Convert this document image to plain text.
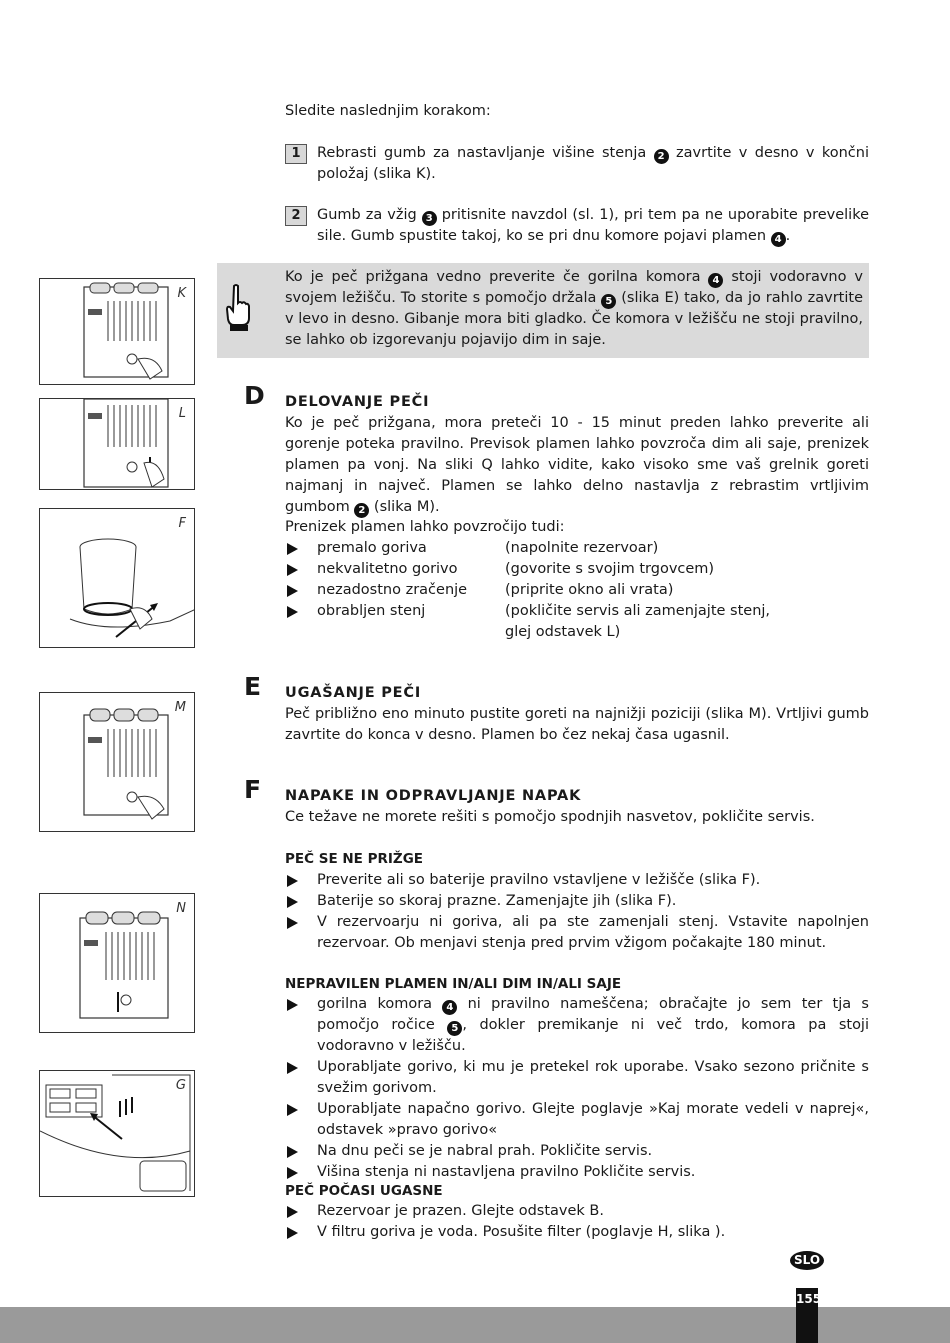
Sledite naslednjim korakom:
1	Rebrasti gumb za nastavljanje višine stenja 2 zavrtite v desno v končni položaj (slika K).
2	Gumb za vžig 3 pritisnite navzdol (sl. 1), pri tem pa ne uporabite prevelike sile. Gumb spustite takoj, ko se pri dnu komore pojavi plamen 4 .
Ko je peč prižgana vedno preverite če gorilna komora 4 stoji vodoravno v svojem ležišču. To storite s pomočjo držala 5 (slika E) tako, da jo rahlo zavrtite v levo in desno. Gibanje mora biti gladko. Če komora v ležišču ne stoji pravilno, se lahko ob izgorevanju pojavijo dim in saje.
D DELOVANJE PEČI
Ko je peč prižgana, mora preteči 10 - 15 minut preden lahko preverite ali gorenje poteka pravilno. Previsok plamen lahko povzroča dim ali saje, prenizek plamen pa vonj. Na sliki Q lahko vidite, kako visoko sme vaš grelnik goreti najmanj in največ. Plamen se lahko delno nastavlja z rebrastim vrtljivim gumbom 2 (slika M).
Prenizek plamen lahko povzročijo tudi:
premalo goriva	(napolnite rezervoar)
nekvalitetno gorivo	(govorite s svojim trgovcem)
nezadostno zračenje	(pripritе okno ali vrata)
obrabljen stenj	(pokličite servis ali zamenjajte stenj, glej odstavek L)
E UGAŠANJE PEČI
Peč približno eno minuto pustite goreti na najnižji poziciji (slika M). Vrtljivi gumb zavrtite do konca v desno. Plamen bo čez nekaj časa ugasnil.
F NAPAKE IN ODPRAVLJANJE NAPAK
Ce težave ne morete rešiti s pomočjo spodnjih nasvetov, pokličite servis.
PEČ SE NE PRIŽGE
Preverite ali so baterije pravilno vstavljene v ležišče (slika F).
Baterije so skoraj prazne. Zamenjajte jih (slika F).
V rezervoarju ni goriva, ali pa ste zamenjali stenj. Vstavite napolnjen rezervoar. Ob menjavi stenja pred prvim vžigom počakajte 180 minut.
NEPRAVILEN PLAMEN IN/ALI DIM IN/ALI SAJE
gorilna komora 4 ni pravilno nameščena; obračajte jo sem ter tja s pomočjo ročice 5 , dokler premikanje ni več trdo, komora pa stoji vodoravno v ležišču.
Uporabljate gorivo, ki mu je pretekel rok uporabe. Vsako sezono pričnite s svežim gorivom.
Uporabljate napačno gorivo. Glejte poglavje »Kaj morate vedeli v naprej«, odstavek »pravo gorivo«
Na dnu peči se je nabral prah. Pokličite servis.
Višina stenja ni nastavljena pravilno Pokličite servis.
PEČ POČASI UGASNE
Rezervoar je prazen. Glejte odstavek B.
V filtru goriva je voda. Posušite filter (poglavje H, slika ).
K
L
F
M
N
G
SLO
155
